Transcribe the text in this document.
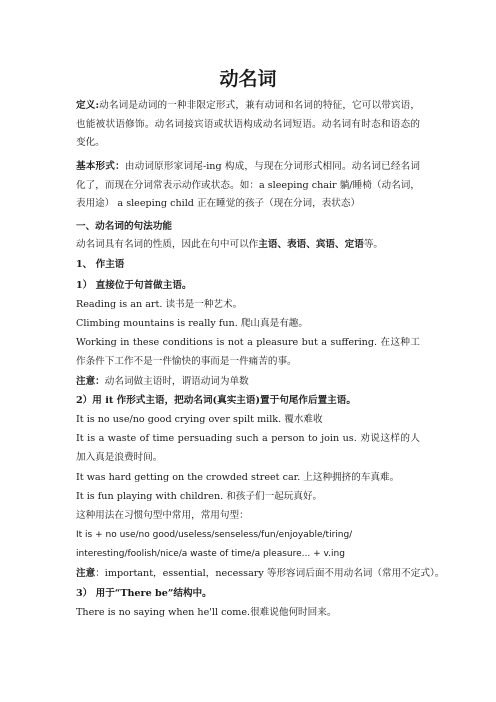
动名词
定义:动名词是动词的一种非限定形式，兼有动词和名词的特征，它可以带宾语，也能被状语修饰。动名词接宾语或状语构成动名词短语。动名词有时态和语态的变化。
基本形式：由动词原形家词尾-ing 构成，与现在分词形式相同。动名词已经名词化了，而现在分词常表示动作或状态。如：a sleeping chair 躺/睡椅（动名词，表用途） a sleeping child 正在睡觉的孩子（现在分词，表状态）
一、动名词的句法功能
动名词具有名词的性质，因此在句中可以作主语、表语、宾语、定语等。
1、 作主语
1） 直接位于句首做主语。
Reading is an art. 读书是一种艺术。
Climbing mountains is really fun. 爬山真是有趣。
Working in these conditions is not a pleasure but a suffering. 在这种工作条件下工作不是一件愉快的事而是一件痛苦的事。
注意：动名词做主语时，谓语动词为单数
2）用 it 作形式主语，把动名词(真实主语)置于句尾作后置主语。
It is no use/no good crying over spilt milk. 覆水难收
It is a waste of time persuading such a person to join us. 劝说这样的人加入真是浪费时间。
It was hard getting on the crowded street car. 上这种拥挤的车真难。
It is fun playing with children. 和孩子们一起玩真好。
这种用法在习惯句型中常用，常用句型：
It is + no use/no good/useless/senseless/fun/enjoyable/tiring/
interesting/foolish/nice/a waste of time/a pleasure... + v.ing
注意：important，essential，necessary 等形容词后面不用动名词（常用不定式）。
3） 用于“There be”结构中。
There is no saying when he'll come.很难说他何时回来。
